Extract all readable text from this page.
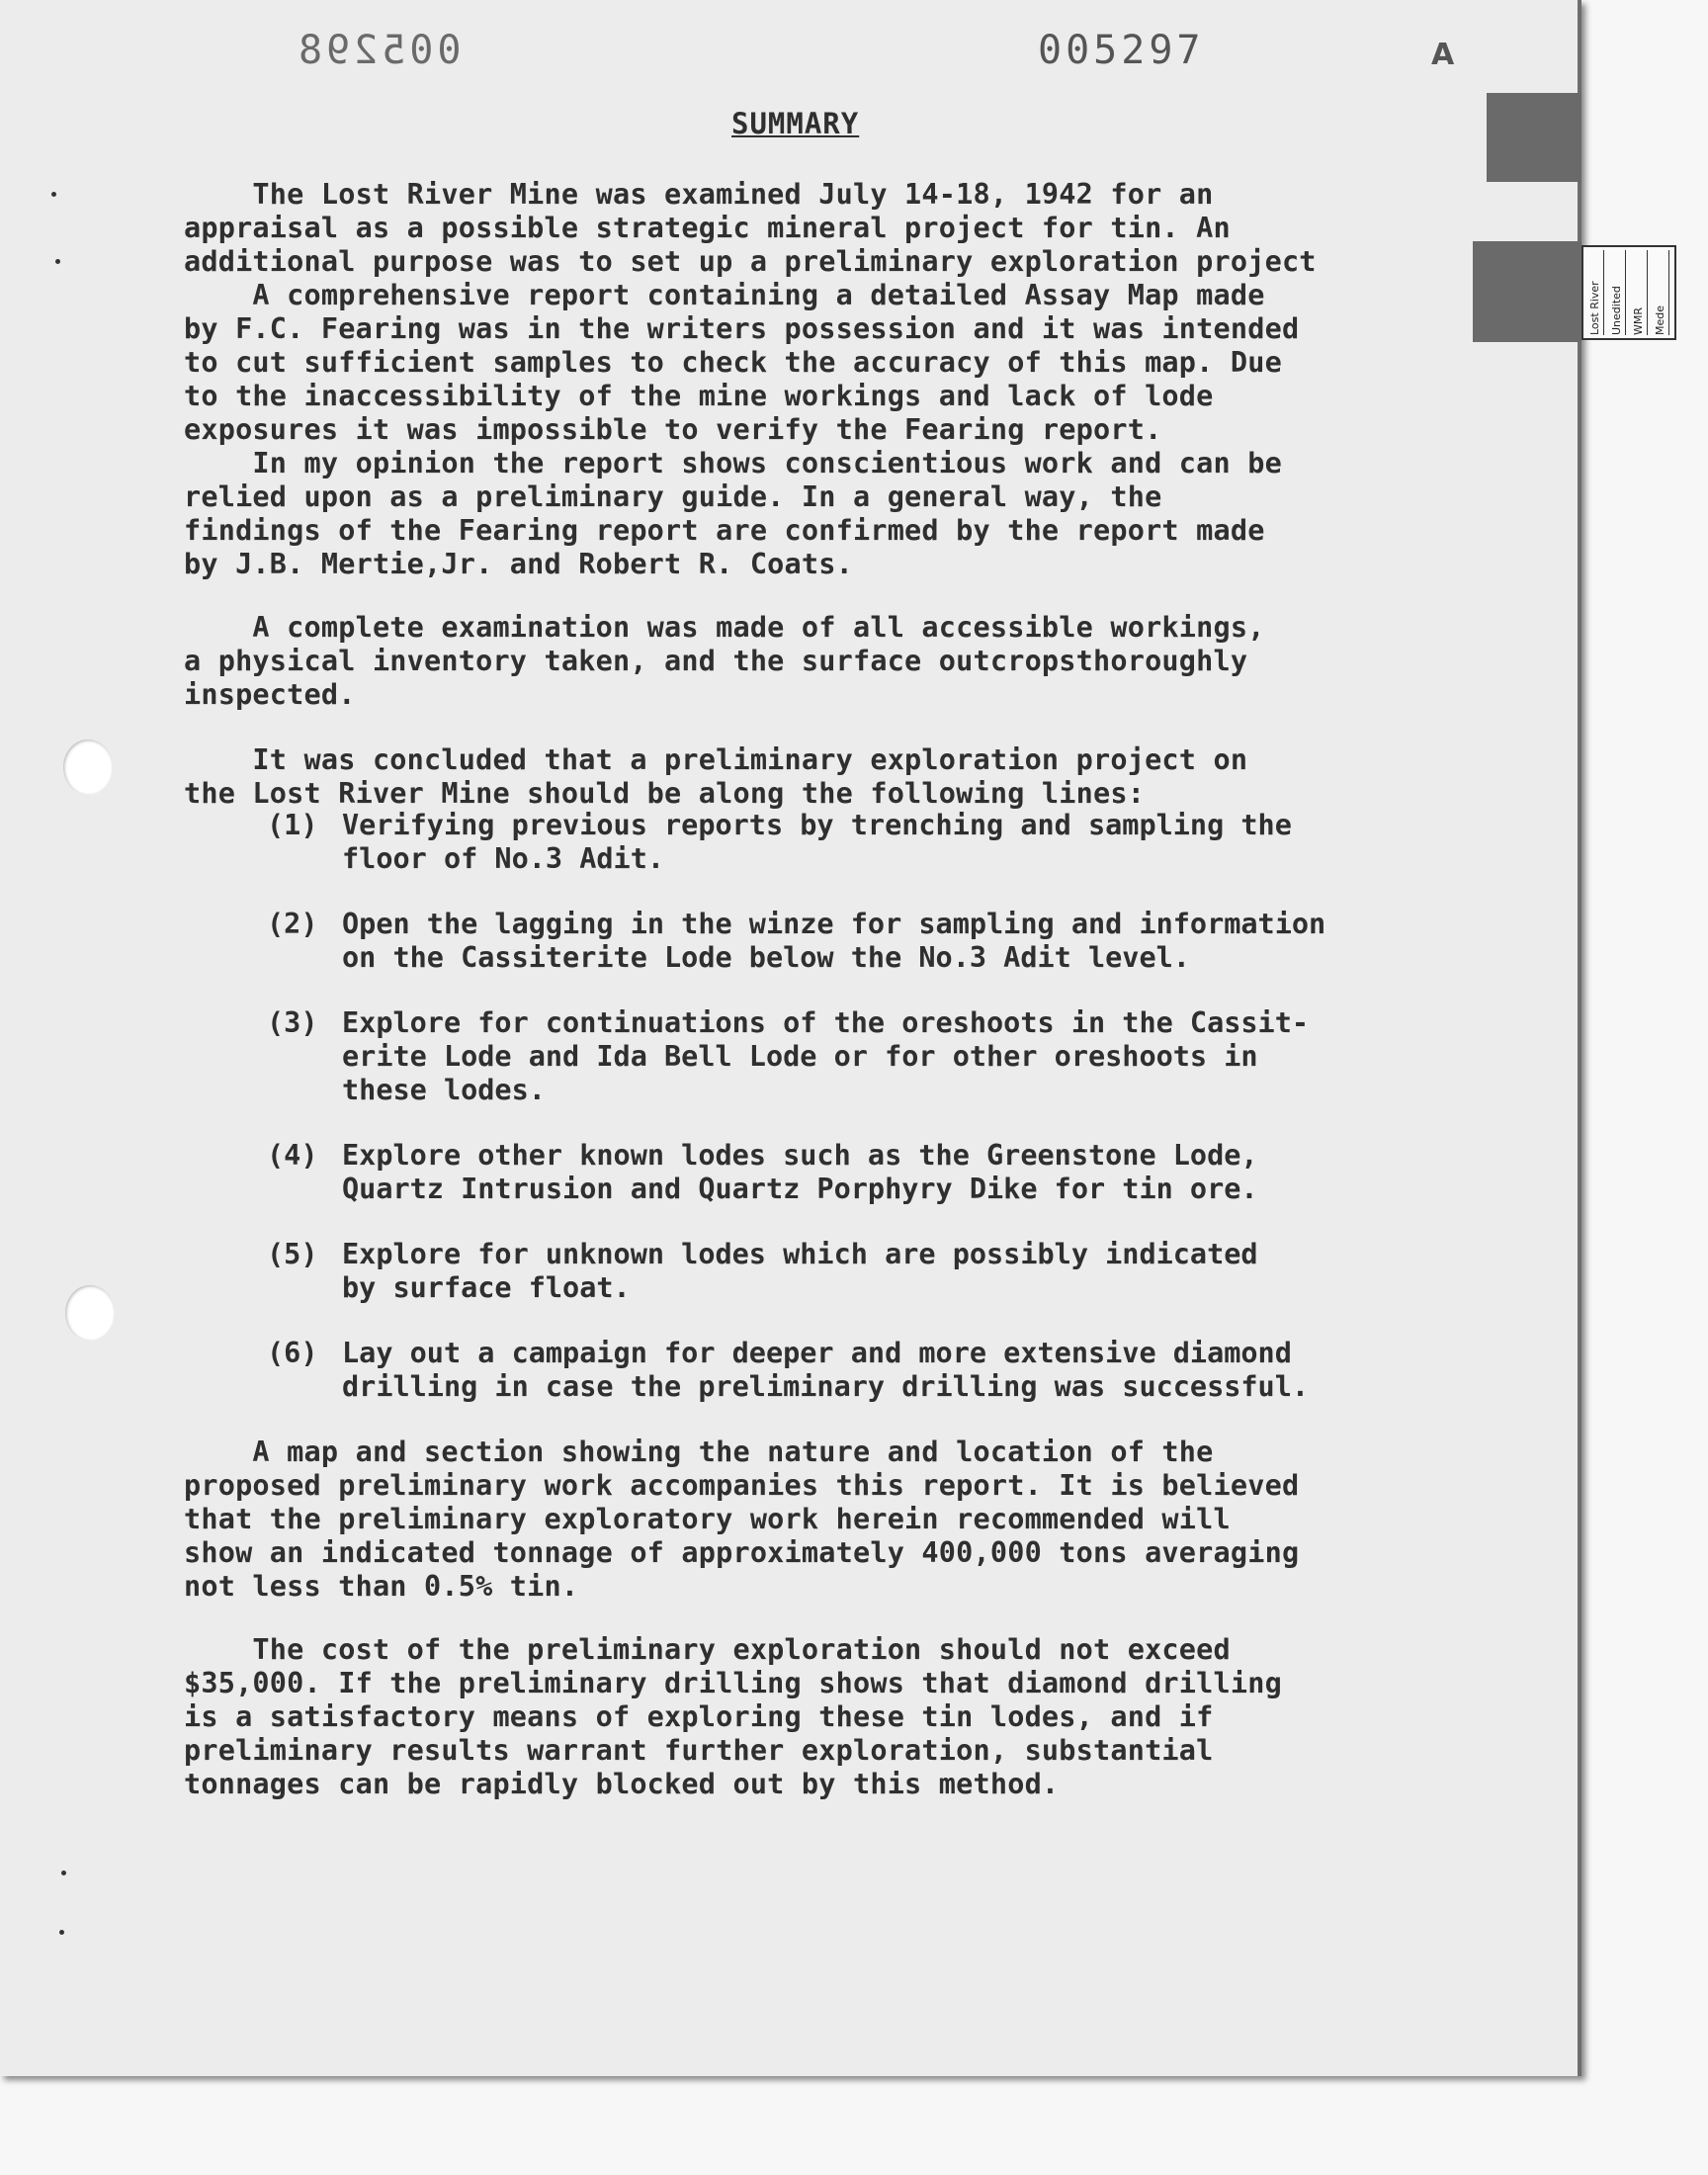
005298	005297	A
Lost River Unedited WMR Mede
SUMMARY
The Lost River Mine was examined July 14-18, 1942 for an
appraisal as a possible strategic mineral project for tin. An
additional purpose was to set up a preliminary exploration project
A comprehensive report containing a detailed Assay Map made
by F.C. Fearing was in the writers possession and it was intended
to cut sufficient samples to check the accuracy of this map. Due
to the inaccessibility of the mine workings and lack of lode
exposures it was impossible to verify the Fearing report.
In my opinion the report shows conscientious work and can be
relied upon as a preliminary guide. In a general way, the
findings of the Fearing report are confirmed by the report made
by J.B. Mertie,Jr. and Robert R. Coats.
A complete examination was made of all accessible workings,
a physical inventory taken, and the surface outcropsthoroughly
inspected.
It was concluded that a preliminary exploration project on
the Lost River Mine should be along the following lines:
(1) Verifying previous reports by trenching and sampling the
floor of No.3 Adit.
(2) Open the lagging in the winze for sampling and information
on the Cassiterite Lode below the No.3 Adit level.
(3) Explore for continuations of the oreshoots in the Cassit-
erite Lode and Ida Bell Lode or for other oreshoots in
these lodes.
(4) Explore other known lodes such as the Greenstone Lode,
Quartz Intrusion and Quartz Porphyry Dike for tin ore.
(5) Explore for unknown lodes which are possibly indicated
by surface float.
(6) Lay out a campaign for deeper and more extensive diamond
drilling in case the preliminary drilling was successful.
A map and section showing the nature and location of the
proposed preliminary work accompanies this report. It is believed
that the preliminary exploratory work herein recommended will
show an indicated tonnage of approximately 400,000 tons averaging
not less than 0.5% tin.
The cost of the preliminary exploration should not exceed
$35,000. If the preliminary drilling shows that diamond drilling
is a satisfactory means of exploring these tin lodes, and if
preliminary results warrant further exploration, substantial
tonnages can be rapidly blocked out by this method.
